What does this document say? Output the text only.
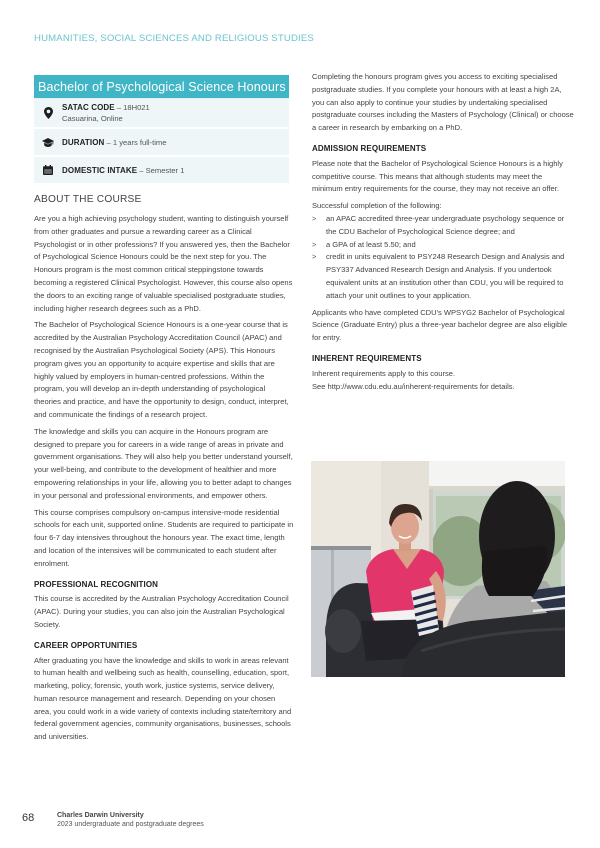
HUMANITIES, SOCIAL SCIENCES AND RELIGIOUS STUDIES
Bachelor of Psychological Science Honours
SATAC CODE – 18H021
Casuarina, Online
DURATION – 1 years full-time
DOMESTIC INTAKE – Semester 1
ABOUT THE COURSE

Are you a high achieving psychology student, wanting to distinguish yourself from other graduates and pursue a rewarding career as a Clinical Psychologist or in other professions? If you answered yes, then the Bachelor of Psychological Science Honours could be the next step for you. The Honours program is the most common critical steppingstone towards becoming a registered Clinical Psychologist. However, this course also opens the doors to an exciting range of valuable specialised postgraduate studies, including higher research degrees such as a PhD.

The Bachelor of Psychological Science Honours is a one-year course that is accredited by the Australian Psychology Accreditation Council (APAC) and recognised by the Australian Psychological Society (APS). This Honours program gives you an opportunity to acquire expertise and skills that are highly valued by employers in human-centred professions. Within the program, you will develop an in-depth understanding of psychological theories and practice, and have the opportunity to design, conduct, interpret, and communicate the findings of a research project.

The knowledge and skills you can acquire in the Honours program are designed to prepare you for careers in a wide range of areas in private and government organisations. They will also help you better understand yourself, your well-being, and contribute to the development of healthier and more empowering relationships in your life, allowing you to better adapt to changes in your personal and professional environments, and empower others.

This course comprises compulsory on-campus intensive-mode residential schools for each unit, supported online. Students are required to participate in four 6-7 day intensives throughout the honours year. The exact time, length and location of the intensives will be communicated to each student after enrolment.

PROFESSIONAL RECOGNITION

This course is accredited by the Australian Psychology Accreditation Council (APAC). During your studies, you can also join the Australian Psychological Society.

CAREER OPPORTUNITIES

After graduating you have the knowledge and skills to work in areas relevant to human health and wellbeing such as health, counselling, education, sport, marketing, policy, forensic, youth work, justice systems, service delivery, human resource management and research. Depending on your chosen area, you could work in a wide variety of contexts including state/territory and federal government agencies, community organisations, businesses, schools and universities.

Completing the honours program gives you access to exciting specialised postgraduate studies. If you complete your honours with at least a high 2A, you can also apply to continue your studies by undertaking specialised postgraduate courses including the Masters of Psychology (Clinical) or choose a career in research by embarking on a PhD.

ADMISSION REQUIREMENTS

Please note that the Bachelor of Psychological Science Honours is a highly competitive course. This means that although students may meet the minimum entry requirements for the course, they may not receive an offer.

Successful completion of the following:

> an APAC accredited three-year undergraduate psychology sequence or the CDU Bachelor of Psychological Science degree; and
> a GPA of at least 5.50; and
> credit in units equivalent to PSY248 Research Design and Analysis and PSY337 Advanced Research Design and Analysis. If you undertook equivalent units at an institution other than CDU, you will be required to attach your unit outlines to your application.

Applicants who have completed CDU's WPSYG2 Bachelor of Psychological Science (Graduate Entry) plus a three-year bachelor degree are also eligible for entry.

INHERENT REQUIREMENTS
Inherent requirements apply to this course.
See http://www.cdu.edu.au/inherent-requirements for details.
68	Charles Darwin University
2023 undergraduate and postgraduate degrees
